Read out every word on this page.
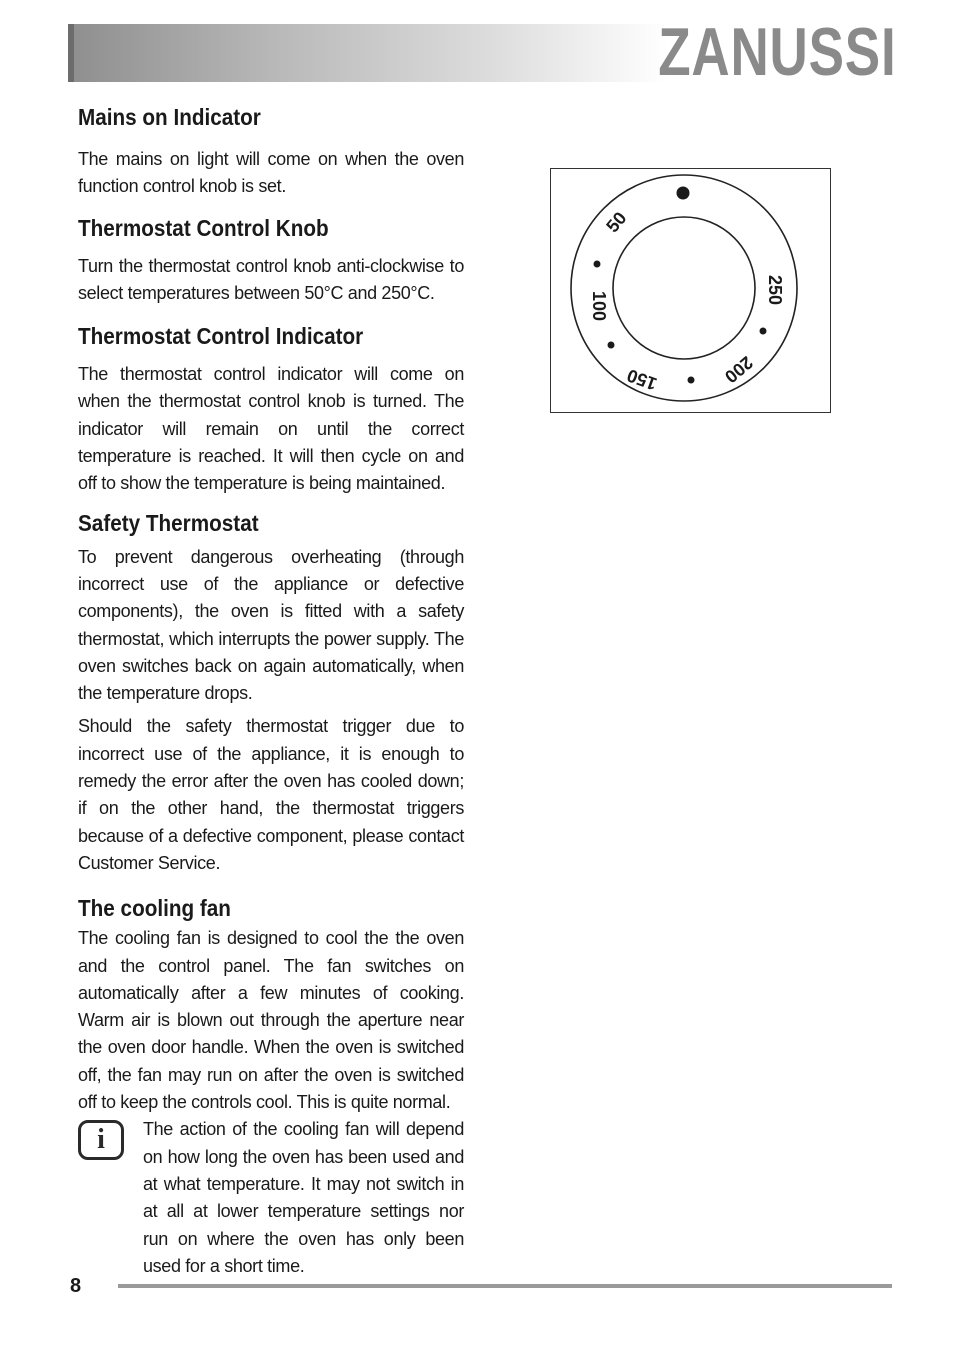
ZANUSSI
Mains on Indicator

The mains on light will come on when the oven function control knob is set.

Thermostat Control Knob

Turn the thermostat control knob anti-clockwise to select temperatures between 50°C and 250°C.

Thermostat Control Indicator

The thermostat control indicator will come on when the thermostat control knob is turned. The indicator will remain on until the correct temperature is reached. It will then cycle on and off to show the temperature is being maintained.

Safety Thermostat

To prevent dangerous overheating (through incorrect use of the appliance or defective components), the oven is fitted with a safety thermostat, which interrupts the power supply. The oven switches back on again automatically, when the temperature drops.

Should the safety thermostat trigger due to incorrect use of the appliance, it is enough to remedy the error after the oven has cooled down; if on the other hand, the thermostat triggers because of a defective component, please contact Customer Service.

The cooling fan

The cooling fan is designed to cool the the oven and the control panel. The fan switches on automatically after a few minutes of cooking. Warm air is blown out through the aperture near the oven door handle. When the oven is switched off, the fan may run on after the oven is switched off to keep the controls cool. This is quite normal.

i	The action of the cooling fan will depend on how long the oven has been used and at what temperature. It may not switch in at all at lower temperature settings nor run on where the oven has only been used for a short time.

50
100
150	200
250
8
